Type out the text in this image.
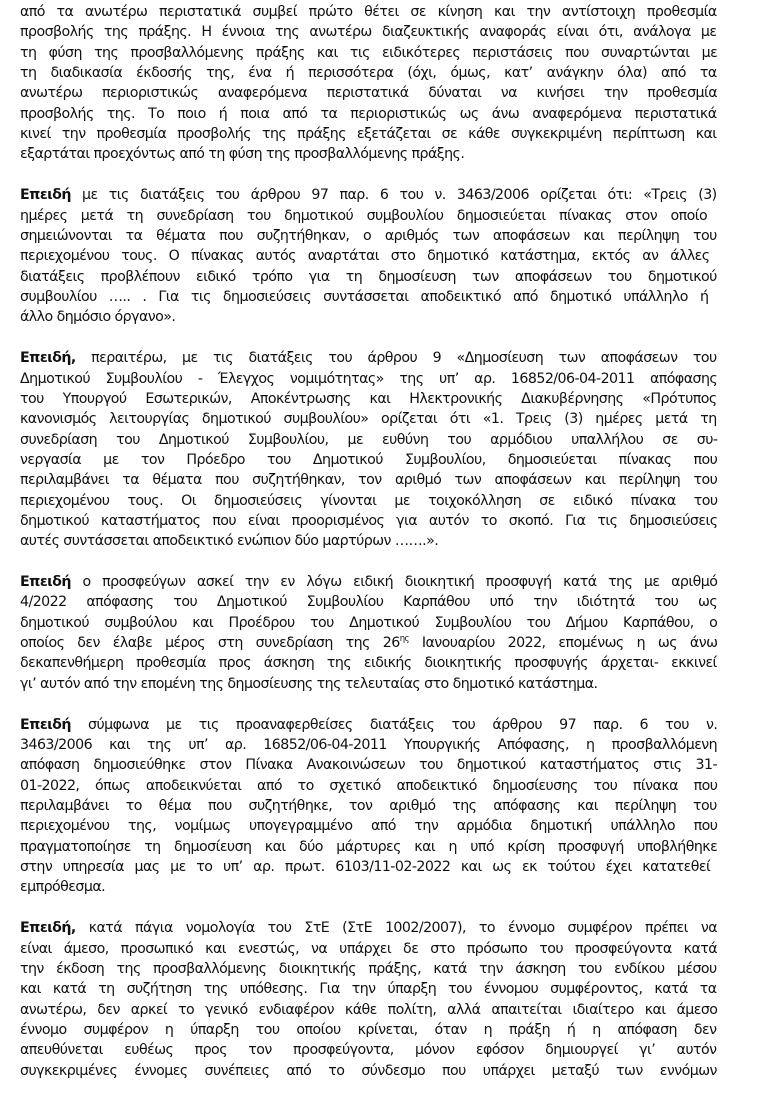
από τα ανωτέρω περιστατικά συμβεί πρώτο θέτει σε κίνηση και την αντίστοιχη προθεσμία
προσβολής της πράξης. Η έννοια της ανωτέρω διαζευκτικής αναφοράς είναι ότι, ανάλογα με
τη φύση της προσβαλλόμενης πράξης και τις ειδικότερες περιστάσεις που συναρτώνται με
τη διαδικασία έκδοσής της, ένα ή περισσότερα (όχι, όμως, κατ’ ανάγκην όλα) από τα
ανωτέρω περιοριστικώς αναφερόμενα περιστατικά δύναται να κινήσει την προθεσμία
προσβολής της. Το ποιο ή ποια από τα περιοριστικώς ως άνω αναφερόμενα περιστατικά
κινεί την προθεσμία προσβολής της πράξης εξετάζεται σε κάθε συγκεκριμένη περίπτωση και
εξαρτάται προεχόντως από τη φύση της προσβαλλόμενης πράξης.
Επειδή με τις διατάξεις του άρθρου 97 παρ. 6 του ν. 3463/2006 ορίζεται ότι: «Τρεις (3)
ημέρες μετά τη συνεδρίαση του δημοτικού συμβουλίου δημοσιεύεται πίνακας στον οποίο
σημειώνονται τα θέματα που συζητήθηκαν, ο αριθμός των αποφάσεων και περίληψη του
περιεχομένου τους. Ο πίνακας αυτός αναρτάται στο δημοτικό κατάστημα, εκτός αν άλλες
διατάξεις προβλέπουν ειδικό τρόπο για τη δημοσίευση των αποφάσεων του δημοτικού
συμβουλίου ….. . Για τις δημοσιεύσεις συντάσσεται αποδεικτικό από δημοτικό υπάλληλο ή
άλλο δημόσιο όργανο».
Επειδή, περαιτέρω, με τις διατάξεις του άρθρου 9 «Δημοσίευση των αποφάσεων του
Δημοτικού Συμβουλίου - Έλεγχος νομιμότητας» της υπ’ αρ. 16852/06-04-2011 απόφασης
του Υπουργού Εσωτερικών, Αποκέντρωσης και Ηλεκτρονικής Διακυβέρνησης «Πρότυπος
κανονισμός λειτουργίας δημοτικού συμβουλίου» ορίζεται ότι «1. Τρεις (3) ημέρες μετά τη
συνεδρίαση του Δημοτικού Συμβουλίου, με ευθύνη του αρμόδιου υπαλλήλου σε συ-
νεργασία με τον Πρόεδρο του Δημοτικού Συμβουλίου, δημοσιεύεται πίνακας που
περιλαμβάνει τα θέματα που συζητήθηκαν, τον αριθμό των αποφάσεων και περίληψη του
περιεχομένου τους. Οι δημοσιεύσεις γίνονται με τοιχοκόλληση σε ειδικό πίνακα του
δημοτικού καταστήματος που είναι προορισμένος για αυτόν το σκοπό. Για τις δημοσιεύσεις
αυτές συντάσσεται αποδεικτικό ενώπιον δύο μαρτύρων …….».
Επειδή ο προσφεύγων ασκεί την εν λόγω ειδική διοικητική προσφυγή κατά της με αριθμό
4/2022 απόφασης του Δημοτικού Συμβουλίου Καρπάθου υπό την ιδιότητά του ως
δημοτικού συμβούλου και Προέδρου του Δημοτικού Συμβουλίου του Δήμου Καρπάθου, ο
οποίος δεν έλαβε μέρος στη συνεδρίαση της $26^{\eta\varsigma}$ Ιανουαρίου 2022, επομένως η ως άνω
δεκαπενθήμερη προθεσμία προς άσκηση της ειδικής διοικητικής προσφυγής άρχεται- εκκινεί
γι’ αυτόν από την επομένη της δημοσίευσης της τελευταίας στο δημοτικό κατάστημα.
Επειδή σύμφωνα με τις προαναφερθείσες διατάξεις του άρθρου 97 παρ. 6 του ν.
3463/2006 και της υπ’ αρ. 16852/06-04-2011 Υπουργικής Απόφασης, η προσβαλλόμενη
απόφαση δημοσιεύθηκε στον Πίνακα Ανακοινώσεων του δημοτικού καταστήματος στις 31-
01-2022, όπως αποδεικνύεται από το σχετικό αποδεικτικό δημοσίευσης του πίνακα που
περιλαμβάνει το θέμα που συζητήθηκε, τον αριθμό της απόφασης και περίληψη του
περιεχομένου της, νομίμως υπογεγραμμένο από την αρμόδια δημοτική υπάλληλο που
πραγματοποίησε τη δημοσίευση και δύο μάρτυρες και η υπό κρίση προσφυγή υποβλήθηκε
στην υπηρεσία μας με το υπ’ αρ. πρωτ. 6103/11-02-2022 και ως εκ τούτου έχει κατατεθεί
εμπρόθεσμα.
Επειδή, κατά πάγια νομολογία του ΣτΕ (ΣτΕ 1002/2007), το έννομο συμφέρον πρέπει να
είναι άμεσο, προσωπικό και ενεστώς, να υπάρχει δε στο πρόσωπο του προσφεύγοντα κατά
την έκδοση της προσβαλλόμενης διοικητικής πράξης, κατά την άσκηση του ενδίκου μέσου
και κατά τη συζήτηση της υπόθεσης. Για την ύπαρξη του έννομου συμφέροντος, κατά τα
ανωτέρω, δεν αρκεί το γενικό ενδιαφέρον κάθε πολίτη, αλλά απαιτείται ιδιαίτερο και άμεσο
έννομο συμφέρον η ύπαρξη του οποίου κρίνεται, όταν η πράξη ή η απόφαση δεν
απευθύνεται ευθέως προς τον προσφεύγοντα, μόνον εφόσον δημιουργεί γι’ αυτόν
συγκεκριμένες έννομες συνέπειες από το σύνδεσμο που υπάρχει μεταξύ των εννόμων
